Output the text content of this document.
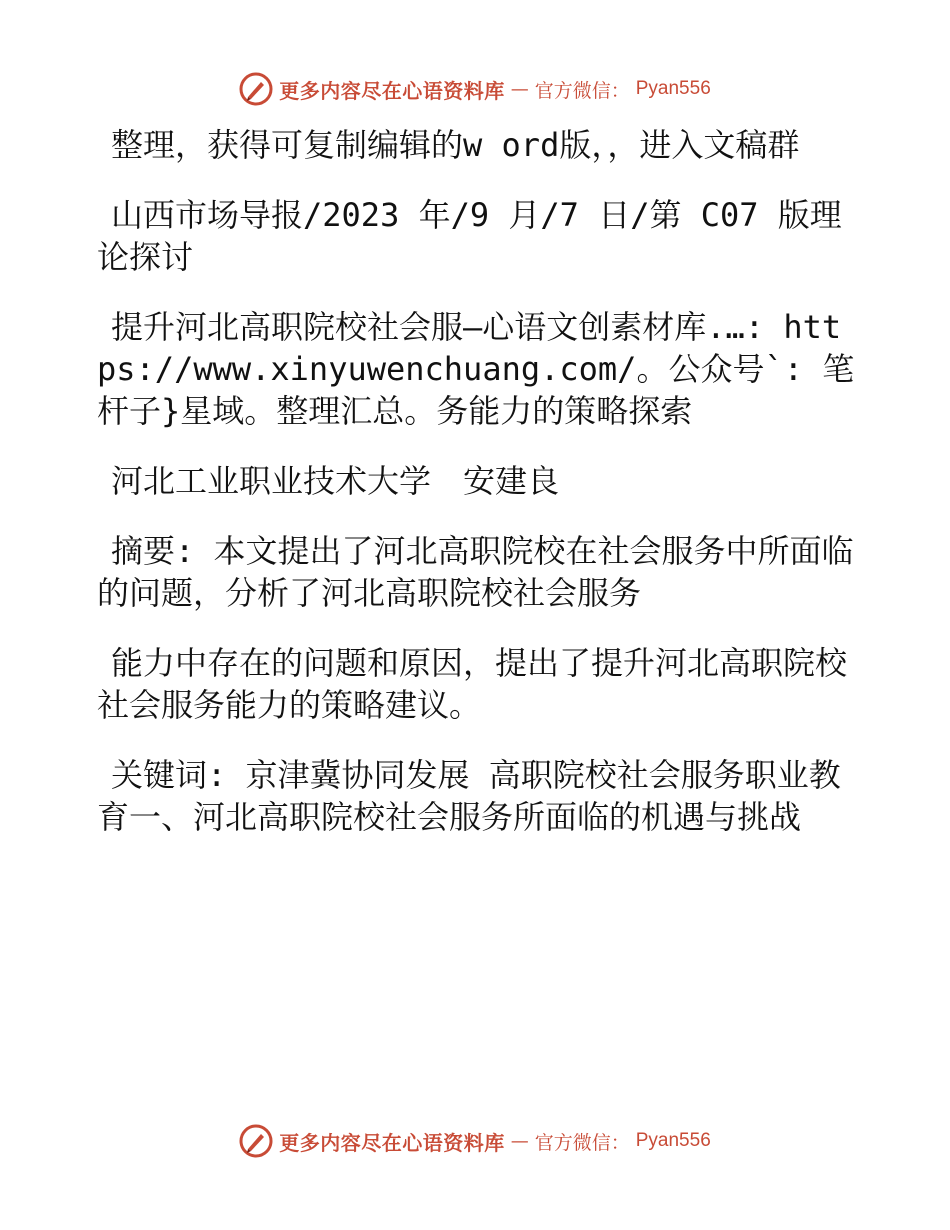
更多内容尽在心语资料库 — 官方微信： Pyan556

整理，获得可复制编辑的w ord版，，进入文稿群

山西市场导报/2023 年/9 月/7 日/第 C07 版理论探讨

提升河北高职院校社会服—心语文创素材库.…: https://www.xinyuwenchuang.com/。公众号`: 笔杆子}星域。整理汇总。务能力的策略探索

河北工业职业技术大学　安建良

摘要: 本文提出了河北高职院校在社会服务中所面临的问题，分析了河北高职院校社会服务

能力中存在的问题和原因，提出了提升河北高职院校社会服务能力的策略建议。

关键词: 京津冀协同发展 高职院校社会服务职业教育一、河北高职院校社会服务所面临的机遇与挑战

更多内容尽在心语资料库 — 官方微信： Pyan556
